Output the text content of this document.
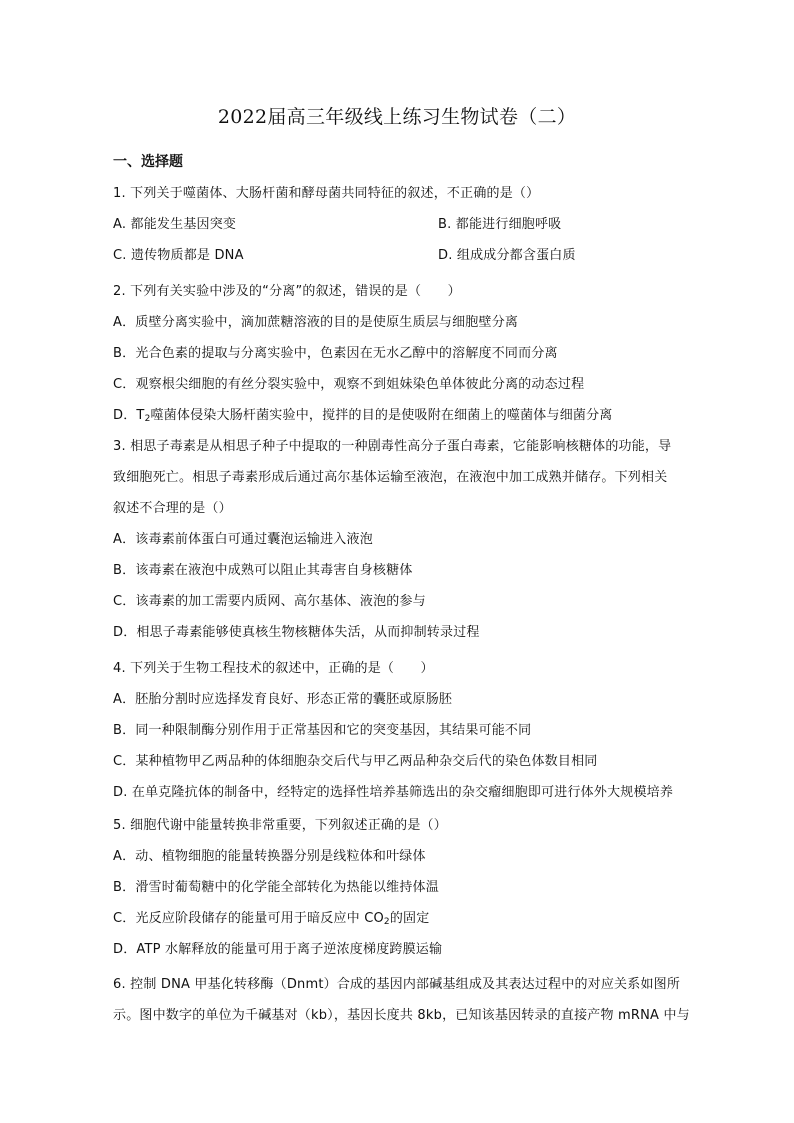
2022届高三年级线上练习生物试卷（二）
一、选择题
1. 下列关于噬菌体、大肠杆菌和酵母菌共同特征的叙述，不正确的是（）
A. 都能发生基因突变	B. 都能进行细胞呼吸
C. 遗传物质都是 DNA	D. 组成成分都含蛋白质
2. 下列有关实验中涉及的“分离”的叙述，错误的是（　　）
A．质壁分离实验中，滴加蔗糖溶液的目的是使原生质层与细胞壁分离
B．光合色素的提取与分离实验中，色素因在无水乙醇中的溶解度不同而分离
C．观察根尖细胞的有丝分裂实验中，观察不到姐妹染色单体彼此分离的动态过程
D．$T_2$噬菌体侵染大肠杆菌实验中，搅拌的目的是使吸附在细菌上的噬菌体与细菌分离
3. 相思子毒素是从相思子种子中提取的一种剧毒性高分子蛋白毒素，它能影响核糖体的功能，导
致细胞死亡。相思子毒素形成后通过高尔基体运输至液泡，在液泡中加工成熟并储存。下列相关
叙述不合理的是（）
A．该毒素前体蛋白可通过囊泡运输进入液泡
B．该毒素在液泡中成熟可以阻止其毒害自身核糖体
C．该毒素的加工需要内质网、高尔基体、液泡的参与
D．相思子毒素能够使真核生物核糖体失活，从而抑制转录过程
4. 下列关于生物工程技术的叙述中，正确的是（　　）
A．胚胎分割时应选择发育良好、形态正常的囊胚或原肠胚
B．同一种限制酶分别作用于正常基因和它的突变基因，其结果可能不同
C．某种植物甲乙两品种的体细胞杂交后代与甲乙两品种杂交后代的染色体数目相同
D. 在单克隆抗体的制备中，经特定的选择性培养基筛选出的杂交瘤细胞即可进行体外大规模培养
5. 细胞代谢中能量转换非常重要，下列叙述正确的是（）
A．动、植物细胞的能量转换器分别是线粒体和叶绿体
B．滑雪时葡萄糖中的化学能全部转化为热能以维持体温
C．光反应阶段储存的能量可用于暗反应中 $CO_2$的固定
D．ATP 水解释放的能量可用于离子逆浓度梯度跨膜运输
6. 控制 DNA 甲基化转移酶（Dnmt）合成的基因内部碱基组成及其表达过程中的对应关系如图所
示。图中数字的单位为千碱基对（kb），基因长度共 8kb，已知该基因转录的直接产物 mRNA 中与
